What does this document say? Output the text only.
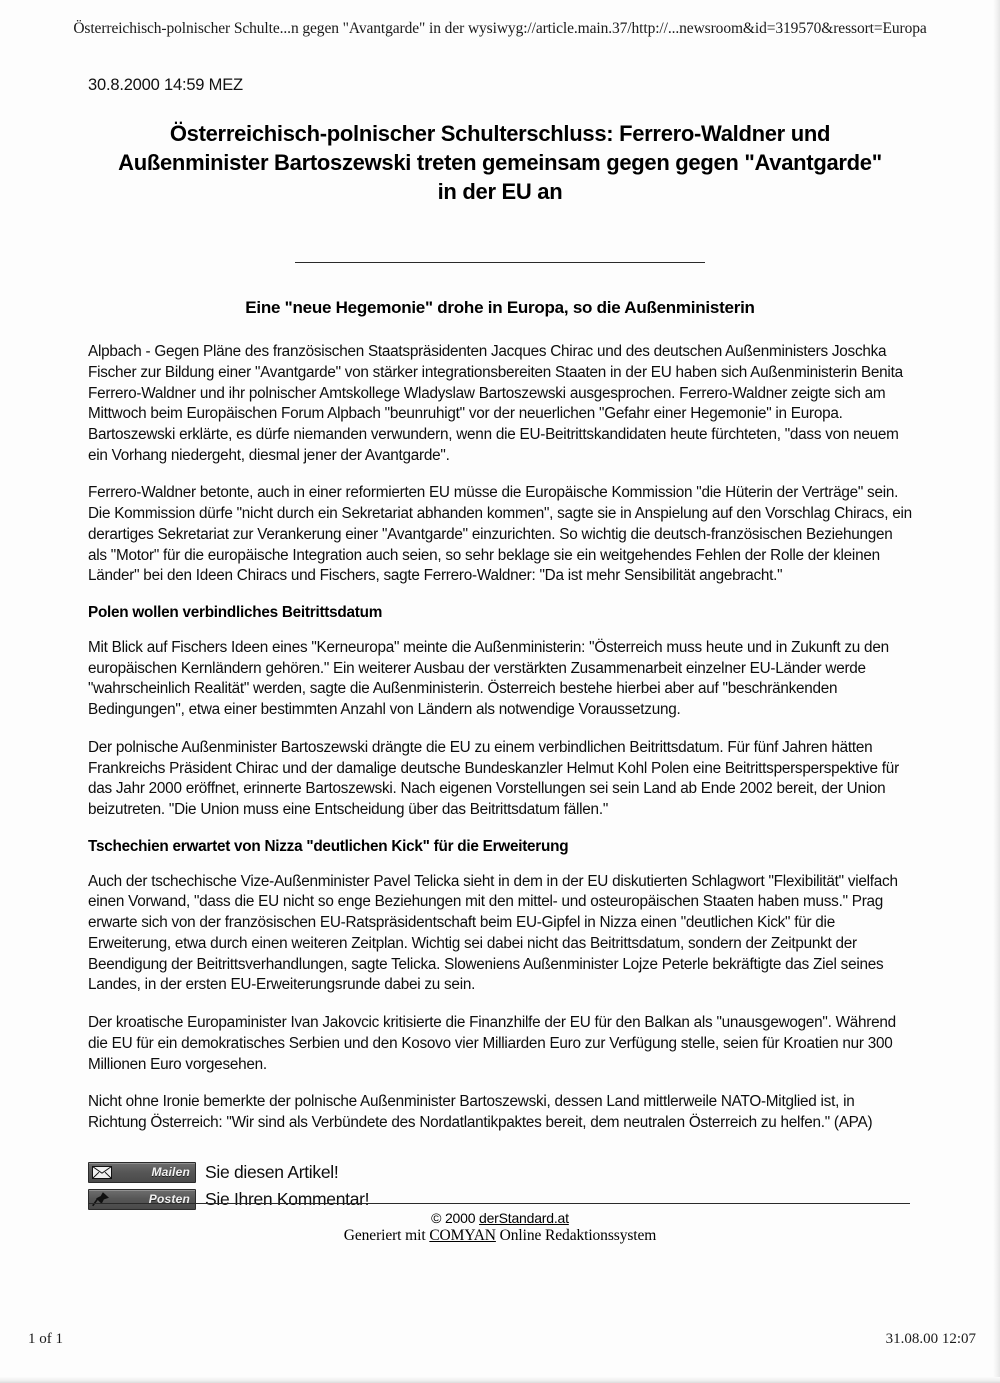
Österreichisch-polnischer Schulte...n gegen "Avantgarde" in der wysiwyg://article.main.37/http://...newsroom&id=319570&ressort=Europa

30.8.2000 14:59 MEZ

Österreichisch-polnischer Schulterschluss: Ferrero-Waldner und Außenminister Bartoszewski treten gemeinsam gegen gegen "Avantgarde" in der EU an
Eine "neue Hegemonie" drohe in Europa, so die Außenministerin

Alpbach - Gegen Pläne des französischen Staatspräsidenten Jacques Chirac und des deutschen Außenministers Joschka Fischer zur Bildung einer "Avantgarde" von stärker integrationsbereiten Staaten in der EU haben sich Außenministerin Benita Ferrero-Waldner und ihr polnischer Amtskollege Wladyslaw Bartoszewski ausgesprochen. Ferrero-Waldner zeigte sich am Mittwoch beim Europäischen Forum Alpbach "beunruhigt" vor der neuerlichen "Gefahr einer Hegemonie" in Europa. Bartoszewski erklärte, es dürfe niemanden verwundern, wenn die EU-Beitrittskandidaten heute fürchteten, "dass von neuem ein Vorhang niedergeht, diesmal jener der Avantgarde".

Ferrero-Waldner betonte, auch in einer reformierten EU müsse die Europäische Kommission "die Hüterin der Verträge" sein. Die Kommission dürfe "nicht durch ein Sekretariat abhanden kommen", sagte sie in Anspielung auf den Vorschlag Chiracs, ein derartiges Sekretariat zur Verankerung einer "Avantgarde" einzurichten. So wichtig die deutsch-französischen Beziehungen als "Motor" für die europäische Integration auch seien, so sehr beklage sie ein weitgehendes Fehlen der Rolle der kleinen Länder" bei den Ideen Chiracs und Fischers, sagte Ferrero-Waldner: "Da ist mehr Sensibilität angebracht."

Polen wollen verbindliches Beitrittsdatum

Mit Blick auf Fischers Ideen eines "Kerneuropa" meinte die Außenministerin: "Österreich muss heute und in Zukunft zu den europäischen Kernländern gehören." Ein weiterer Ausbau der verstärkten Zusammenarbeit einzelner EU-Länder werde "wahrscheinlich Realität" werden, sagte die Außenministerin. Österreich bestehe hierbei aber auf "beschränkenden Bedingungen", etwa einer bestimmten Anzahl von Ländern als notwendige Voraussetzung.

Der polnische Außenminister Bartoszewski drängte die EU zu einem verbindlichen Beitrittsdatum. Für fünf Jahren hätten Frankreichs Präsident Chirac und der damalige deutsche Bundeskanzler Helmut Kohl Polen eine Beitrittspersperspektive für das Jahr 2000 eröffnet, erinnerte Bartoszewski. Nach eigenen Vorstellungen sei sein Land ab Ende 2002 bereit, der Union beizutreten. "Die Union muss eine Entscheidung über das Beitrittsdatum fällen."

Tschechien erwartet von Nizza "deutlichen Kick" für die Erweiterung

Auch der tschechische Vize-Außenminister Pavel Telicka sieht in dem in der EU diskutierten Schlagwort "Flexibilität" vielfach einen Vorwand, "dass die EU nicht so enge Beziehungen mit den mittel- und osteuropäischen Staaten haben muss." Prag erwarte sich von der französischen EU-Ratspräsidentschaft beim EU-Gipfel in Nizza einen "deutlichen Kick" für die Erweiterung, etwa durch einen weiteren Zeitplan. Wichtig sei dabei nicht das Beitrittsdatum, sondern der Zeitpunkt der Beendigung der Beitrittsverhandlungen, sagte Telicka. Sloweniens Außenminister Lojze Peterle bekräftigte das Ziel seines Landes, in der ersten EU-Erweiterungsrunde dabei zu sein.

Der kroatische Europaminister Ivan Jakovcic kritisierte die Finanzhilfe der EU für den Balkan als "unausgewogen". Während die EU für ein demokratisches Serbien und den Kosovo vier Milliarden Euro zur Verfügung stelle, seien für Kroatien nur 300 Millionen Euro vorgesehen.

Nicht ohne Ironie bemerkte der polnische Außenminister Bartoszewski, dessen Land mittlerweile NATO-Mitglied ist, in Richtung Österreich: "Wir sind als Verbündete des Nordatlantikpaktes bereit, dem neutralen Österreich zu helfen." (APA)

Mailen Sie diesen Artikel!
Posten Sie Ihren Kommentar!
© 2000 derStandard.at
Generiert mit COMYAN Online Redaktionssystem
1 of 1	31.08.00 12:07
